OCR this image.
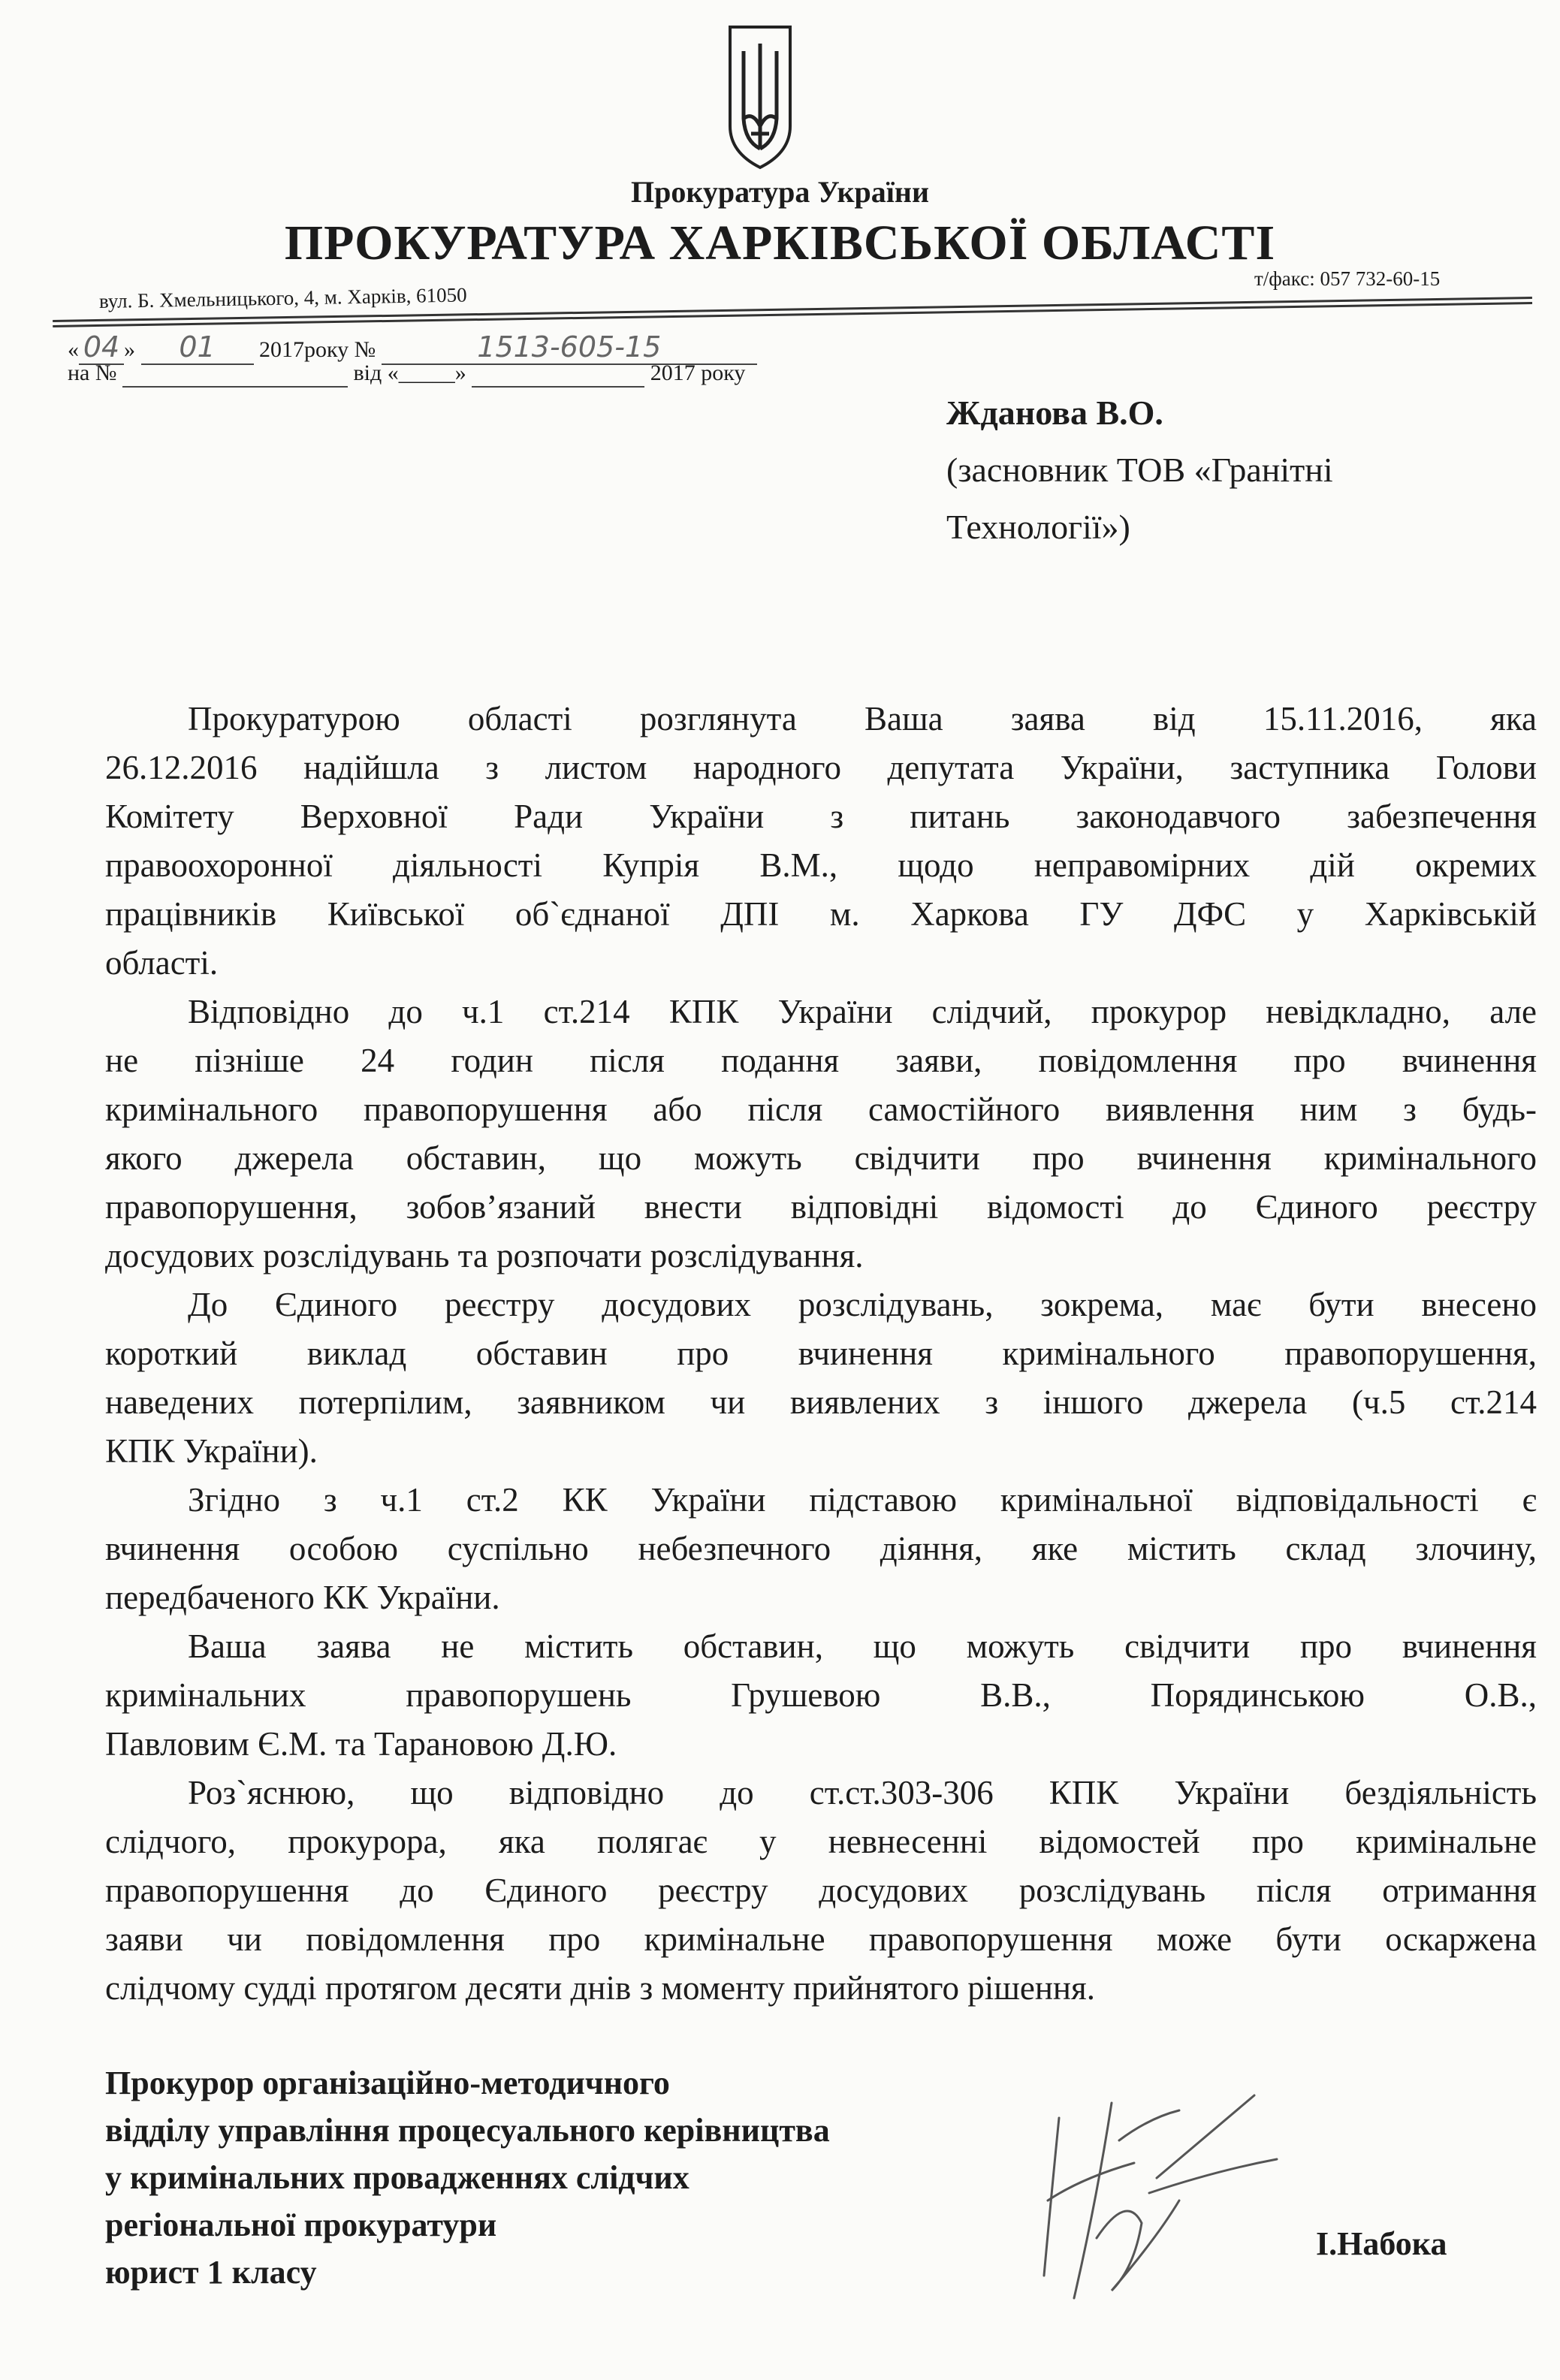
Прокуратура України
ПРОКУРАТУРА ХАРКІВСЬКОЇ ОБЛАСТІ
т/факс: 057 732-60-15
вул. Б. Хмельницького, 4, м. Харків, 61050
« 04 » 01 2017року №	1513-605-15
на №	від «_____»	2017 року
Жданова В.О.
(засновник ТОВ «Гранітні
Технології»)
Прокуратурою області розглянута Ваша заява від 15.11.2016, яка
26.12.2016 надійшла з листом народного депутата України, заступника Голови
Комітету Верховної Ради України з питань законодавчого забезпечення
правоохоронної діяльності Купрія В.М., щодо неправомірних дій окремих
працівників Київської об`єднаної ДПІ м. Харкова ГУ ДФС у Харківській
області.
Відповідно до ч.1 ст.214 КПК України слідчий, прокурор невідкладно, але
не пізніше 24 годин після подання заяви, повідомлення про вчинення
кримінального правопорушення або після самостійного виявлення ним з будь-
якого джерела обставин, що можуть свідчити про вчинення кримінального
правопорушення, зобов’язаний внести відповідні відомості до Єдиного реєстру
досудових розслідувань та розпочати розслідування.
До Єдиного реєстру досудових розслідувань, зокрема, має бути внесено
короткий виклад обставин про вчинення кримінального правопорушення,
наведених потерпілим, заявником чи виявлених з іншого джерела (ч.5 ст.214
КПК України).
Згідно з ч.1 ст.2 КК України підставою кримінальної відповідальності є
вчинення особою суспільно небезпечного діяння, яке містить склад злочину,
передбаченого КК України.
Ваша заява не містить обставин, що можуть свідчити про вчинення
кримінальних правопорушень Грушевою В.В., Порядинською О.В.,
Павловим Є.М. та Тарановою Д.Ю.
Роз`яснюю, що відповідно до ст.ст.303-306 КПК України бездіяльність
слідчого, прокурора, яка полягає у невнесенні відомостей про кримінальне
правопорушення до Єдиного реєстру досудових розслідувань після отримання
заяви чи повідомлення про кримінальне правопорушення може бути оскаржена
слідчому судді протягом десяти днів з моменту прийнятого рішення.
Прокурор організаційно-методичного
відділу управління процесуального керівництва
у кримінальних провадженнях слідчих
регіональної прокуратури
юрист 1 класу
І.Набока
